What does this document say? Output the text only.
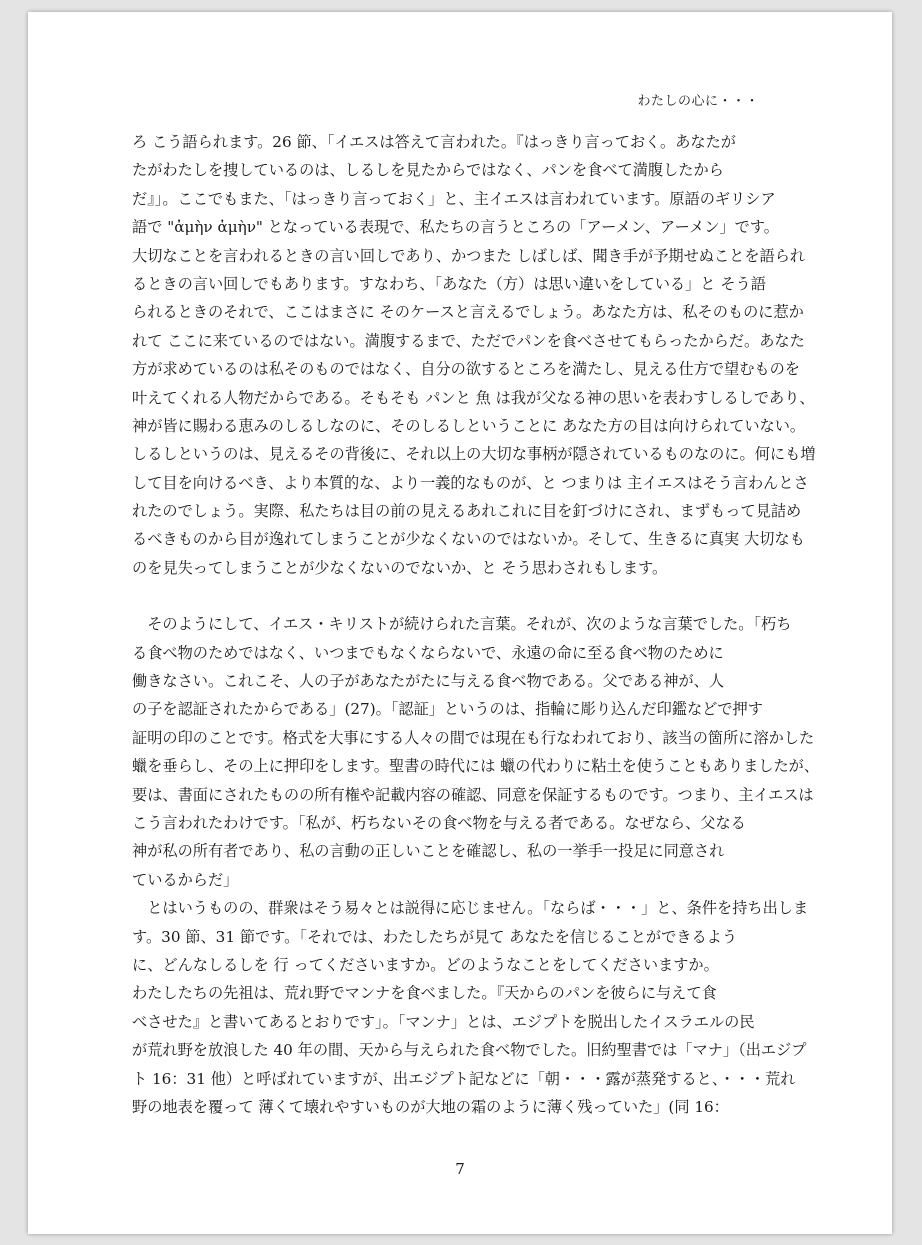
わたしの心に・・・
ろ こう語られます。26 節、「イエスは答えて言われた。『はっきり言っておく。あなたが
たがわたしを捜しているのは、しるしを見たからではなく、パンを食べて満腹したから
だ』」。ここでもまた、「はっきり言っておく」と、主イエスは言われています。原語のギリシア
語で "ἀμὴν ἀμὴν" となっている表現で、私たちの言うところの「アーメン、アーメン」です。
大切なことを言われるときの言い回しであり、かつまた しばしば、聞き手が予期せぬことを語られ
るときの言い回しでもあります。すなわち、「あなた（方）は思い違いをしている」と そう語
られるときのそれで、ここはまさに そのケースと言えるでしょう。あなた方は、私そのものに惹か
れて ここに来ているのではない。満腹するまで、ただでパンを食べさせてもらったからだ。あなた
方が求めているのは私そのものではなく、自分の欲するところを満たし、見える仕方で望むものを
叶えてくれる人物だからである。そもそも パンと 魚 は我が父なる神の思いを表わすしるしであり、
神が皆に賜わる恵みのしるしなのに、そのしるしということに あなた方の目は向けられていない。
しるしというのは、見えるその背後に、それ以上の大切な事柄が隠されているものなのに。何にも増
して目を向けるべき、より本質的な、より一義的なものが、と つまりは 主イエスはそう言わんとさ
れたのでしょう。実際、私たちは目の前の見えるあれこれに目を釘づけにされ、まずもって見詰め
るべきものから目が逸れてしまうことが少なくないのではないか。そして、生きるに真実 大切なも
のを見失ってしまうことが少なくないのでないか、と そう思わされもします。
　そのようにして、イエス・キリストが続けられた言葉。それが、次のような言葉でした。「朽ち
る食べ物のためではなく、いつまでもなくならないで、永遠の命に至る食べ物のために
働きなさい。これこそ、人の子があなたがたに与える食べ物である。父である神が、人
の子を認証されたからである」(27)。「認証」というのは、指輪に彫り込んだ印鑑などで押す
証明の印のことです。格式を大事にする人々の間では現在も行なわれており、該当の箇所に溶かした
蠟を垂らし、その上に押印をします。聖書の時代には 蠟の代わりに粘土を使うこともありましたが、
要は、書面にされたものの所有権や記載内容の確認、同意を保証するものです。つまり、主イエスは
こう言われたわけです。「私が、朽ちないその食べ物を与える者である。なぜなら、父なる
神が私の所有者であり、私の言動の正しいことを確認し、私の一挙手一投足に同意され
ているからだ」
　とはいうものの、群衆はそう易々とは説得に応じません。「ならば・・・」と、条件を持ち出しま
す。30 節、31 節です。「それでは、わたしたちが見て あなたを信じることができるよう
に、どんなしるしを 行 ってくださいますか。どのようなことをしてくださいますか。
わたしたちの先祖は、荒れ野でマンナを食べました。『天からのパンを彼らに与えて食
べさせた』と書いてあるとおりです」。「マンナ」とは、エジプトを脱出したイスラエルの民
が荒れ野を放浪した 40 年の間、天から与えられた食べ物でした。旧約聖書では「マナ」（出エジプ
ト 16：31 他）と呼ばれていますが、出エジプト記などに「朝・・・露が蒸発すると、・・・荒れ
野の地表を覆って 薄くて壊れやすいものが大地の霜のように薄く残っていた」(同 16：
7
